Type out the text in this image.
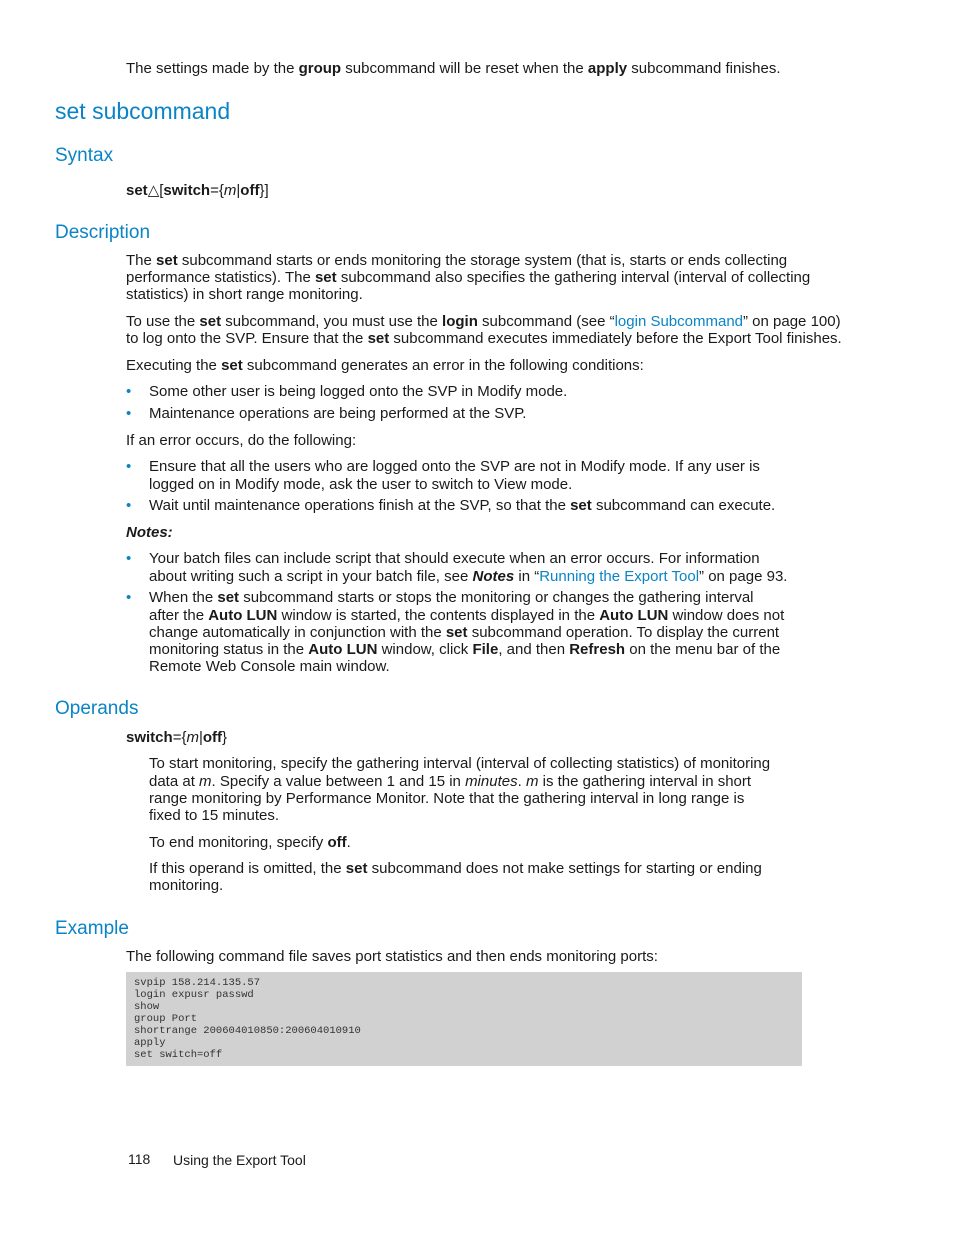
The settings made by the group subcommand will be reset when the apply subcommand finishes.
set subcommand
Syntax
set△[switch={m|off}]
Description
The set subcommand starts or ends monitoring the storage system (that is, starts or ends collecting
performance statistics). The set subcommand also specifies the gathering interval (interval of collecting
statistics) in short range monitoring.
To use the set subcommand, you must use the login subcommand (see “login Subcommand” on page 100)
to log onto the SVP. Ensure that the set subcommand executes immediately before the Export Tool finishes.
Executing the set subcommand generates an error in the following conditions:
• Some other user is being logged onto the SVP in Modify mode.
• Maintenance operations are being performed at the SVP.
If an error occurs, do the following:
• Ensure that all the users who are logged onto the SVP are not in Modify mode. If any user is
logged on in Modify mode, ask the user to switch to View mode.
• Wait until maintenance operations finish at the SVP, so that the set subcommand can execute.
Notes:
• Your batch files can include script that should execute when an error occurs. For information
about writing such a script in your batch file, see Notes in “Running the Export Tool” on page 93.
• When the set subcommand starts or stops the monitoring or changes the gathering interval
after the Auto LUN window is started, the contents displayed in the Auto LUN window does not
change automatically in conjunction with the set subcommand operation. To display the current
monitoring status in the Auto LUN window, click File, and then Refresh on the menu bar of the
Remote Web Console main window.
Operands
switch={m|off}
To start monitoring, specify the gathering interval (interval of collecting statistics) of monitoring
data at m. Specify a value between 1 and 15 in minutes. m is the gathering interval in short
range monitoring by Performance Monitor. Note that the gathering interval in long range is
fixed to 15 minutes.
To end monitoring, specify off.
If this operand is omitted, the set subcommand does not make settings for starting or ending
monitoring.
Example
The following command file saves port statistics and then ends monitoring ports:
svpip 158.214.135.57
login expusr passwd
show
group Port
shortrange 200604010850:200604010910
apply
set switch=off
118 Using the Export Tool
